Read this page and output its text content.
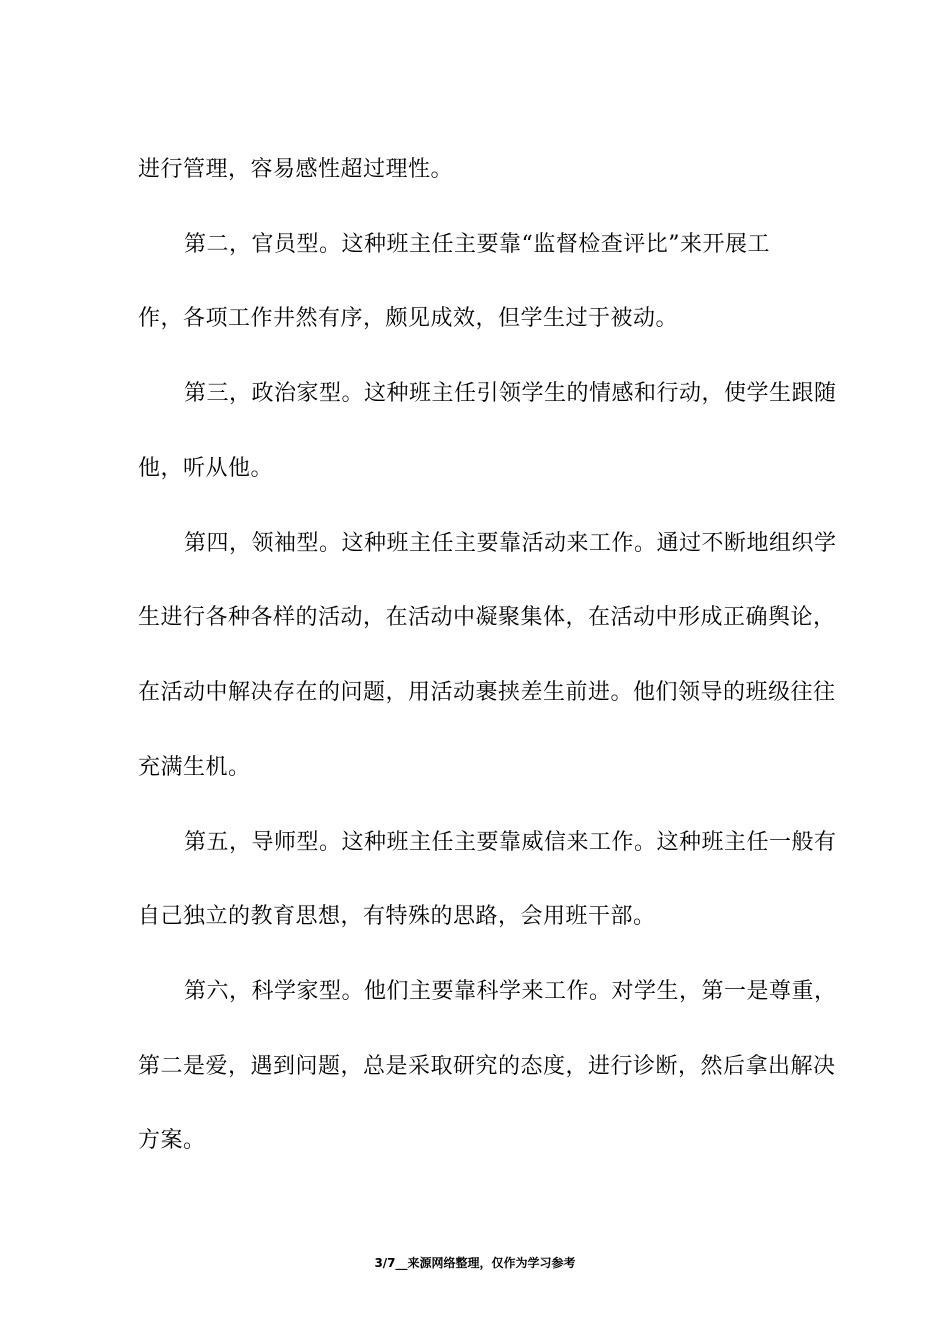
进行管理，容易感性超过理性。
第二，官员型。这种班主任主要靠“监督检查评比”来开展工
作，各项工作井然有序，颇见成效，但学生过于被动。
第三，政治家型。这种班主任引领学生的情感和行动，使学生跟随
他，听从他。
第四，领袖型。这种班主任主要靠活动来工作。通过不断地组织学
生进行各种各样的活动，在活动中凝聚集体，在活动中形成正确舆论，
在活动中解决存在的问题，用活动裹挟差生前进。他们领导的班级往往
充满生机。
第五，导师型。这种班主任主要靠威信来工作。这种班主任一般有
自己独立的教育思想，有特殊的思路，会用班干部。
第六，科学家型。他们主要靠科学来工作。对学生，第一是尊重，
第二是爱，遇到问题，总是采取研究的态度，进行诊断，然后拿出解决
方案。
3/7__来源网络整理，仅作为学习参考
